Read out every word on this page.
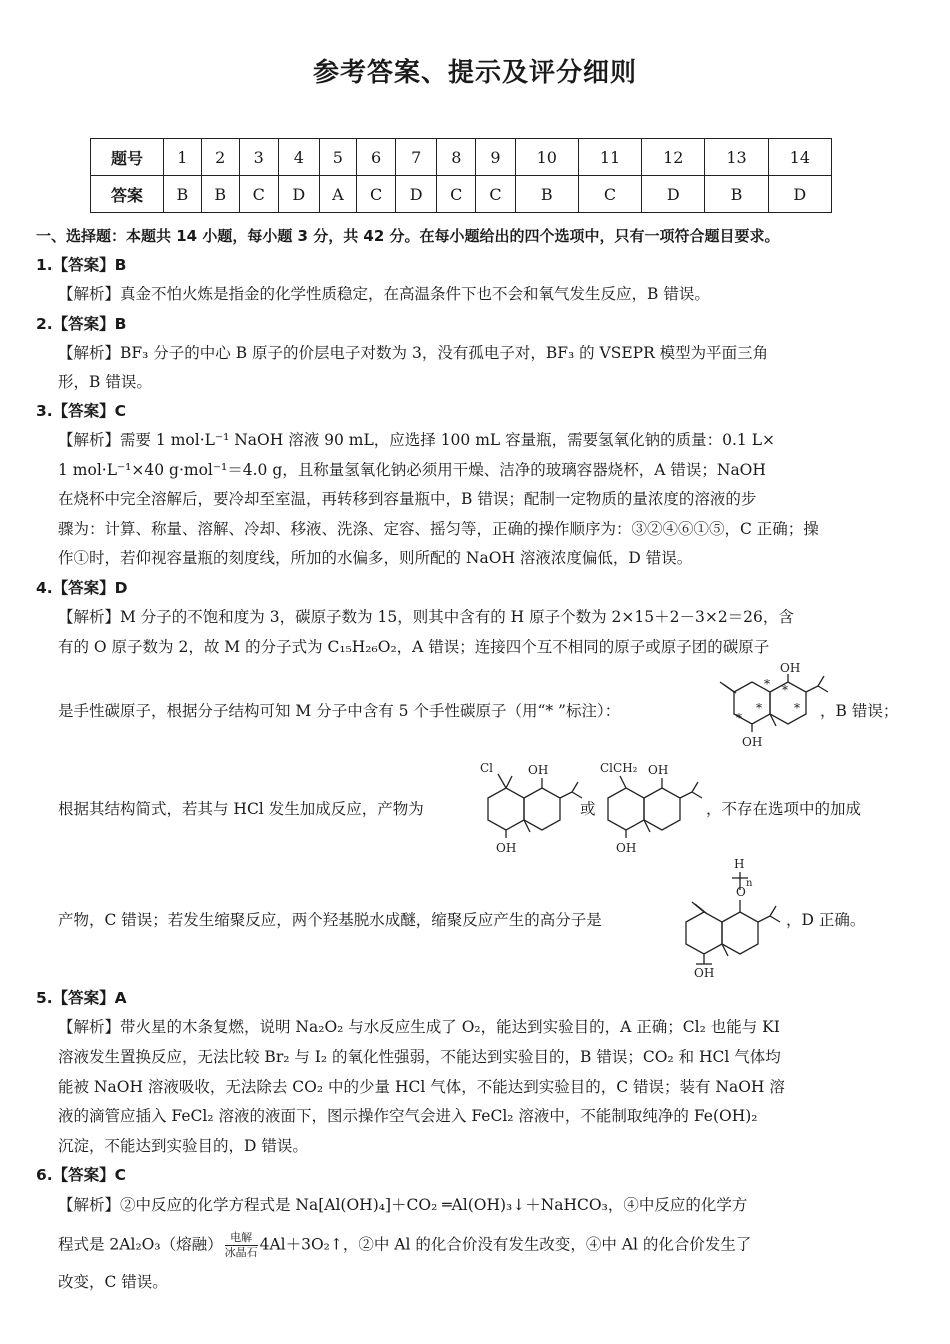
参考答案、提示及评分细则
题号	1	2	3	4	5	6	7	8	9	10	11	12	13	14
答案	B	B	C	D	A	C	D	C	C	B	C	D	B	D
一、选择题：本题共 14 小题，每小题 3 分，共 42 分。在每小题给出的四个选项中，只有一项符合题目要求。
1.【答案】B
【解析】真金不怕火炼是指金的化学性质稳定，在高温条件下也不会和氧气发生反应，B 错误。
2.【答案】B
【解析】BF₃ 分子的中心 B 原子的价层电子对数为 3，没有孤电子对，BF₃ 的 VSEPR 模型为平面三角
形，B 错误。
3.【答案】C
【解析】需要 1 mol·L⁻¹ NaOH 溶液 90 mL，应选择 100 mL 容量瓶，需要氢氧化钠的质量：0.1 L×
1 mol·L⁻¹×40 g·mol⁻¹＝4.0 g，且称量氢氧化钠必须用干燥、洁净的玻璃容器烧杯，A 错误；NaOH
在烧杯中完全溶解后，要冷却至室温，再转移到容量瓶中，B 错误；配制一定物质的量浓度的溶液的步
骤为：计算、称量、溶解、冷却、移液、洗涤、定容、摇匀等，正确的操作顺序为：③②④⑥①⑤，C 正确；操
作①时，若仰视容量瓶的刻度线，所加的水偏多，则所配的 NaOH 溶液浓度偏低，D 错误。
4.【答案】D
【解析】M 分子的不饱和度为 3，碳原子数为 15，则其中含有的 H 原子个数为 2×15＋2－3×2＝26，含
有的 O 原子数为 2，故 M 的分子式为 C₁₅H₂₆O₂，A 错误；连接四个互不相同的原子或原子团的碳原子
是手性碳原子，根据分子结构可知 M 分子中含有 5 个手性碳原子（用“* ”标注）：
OH
OH
* *
*
*
*	，B 错误；
根据其结构简式，若其与 HCl 发生加成反应，产物为
Cl	OH
OH
或
ClCH₂ OH
OH
，不存在选项中的加成
产物，C 错误；若发生缩聚反应，两个羟基脱水成醚，缩聚反应产生的高分子是
H
O
n
OH
，D 正确。
5.【答案】A
【解析】带火星的木条复燃，说明 Na₂O₂ 与水反应生成了 O₂，能达到实验目的，A 正确；Cl₂ 也能与 KI
溶液发生置换反应，无法比较 Br₂ 与 I₂ 的氧化性强弱，不能达到实验目的，B 错误；CO₂ 和 HCl 气体均
能被 NaOH 溶液吸收，无法除去 CO₂ 中的少量 HCl 气体，不能达到实验目的，C 错误；装有 NaOH 溶
液的滴管应插入 FeCl₂ 溶液的液面下，图示操作空气会进入 FeCl₂ 溶液中，不能制取纯净的 Fe(OH)₂
沉淀，不能达到实验目的，D 错误。
6.【答案】C
【解析】②中反应的化学方程式是 Na[Al(OH)₄]＋CO₂ ═Al(OH)₃↓＋NaHCO₃，④中反应的化学方
程式是 2Al₂O₃（熔融） $\frac{\text{电解}}{\text{冰晶石}}$ 4Al＋3O₂↑，②中 Al 的化合价没有发生改变，④中 Al 的化合价发生了
改变，C 错误。
